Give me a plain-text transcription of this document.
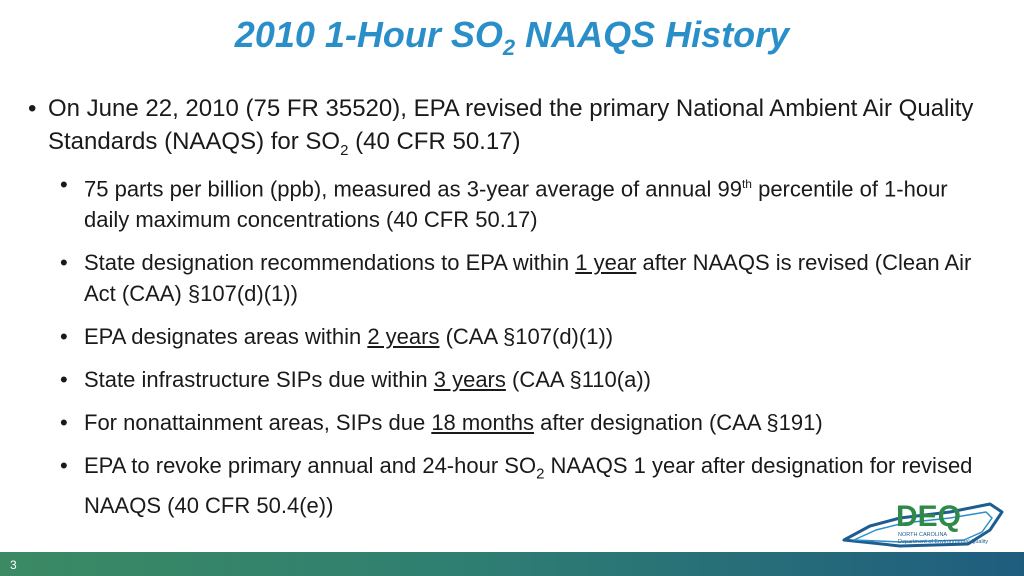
2010 1-Hour $SO_2$ NAAQS History
• On June 22, 2010 (75 FR 35520), EPA revised the primary National Ambient Air Quality Standards (NAAQS) for $SO_2$ (40 CFR 50.17)
• 75 parts per billion (ppb), measured as 3-year average of annual 99th percentile of 1-hour daily maximum concentrations (40 CFR 50.17)
• State designation recommendations to EPA within 1 year after NAAQS is revised (Clean Air Act (CAA) §107(d)(1))
• EPA designates areas within 2 years (CAA §107(d)(1))
• State infrastructure SIPs due within 3 years (CAA §110(a))
• For nonattainment areas, SIPs due 18 months after designation (CAA §191)
• EPA to revoke primary annual and 24-hour $SO_2$ NAAQS 1 year after designation for revised NAAQS (40 CFR 50.4(e))	DEQ
NORTH CAROLINA
Department of Environmental Quality
3
